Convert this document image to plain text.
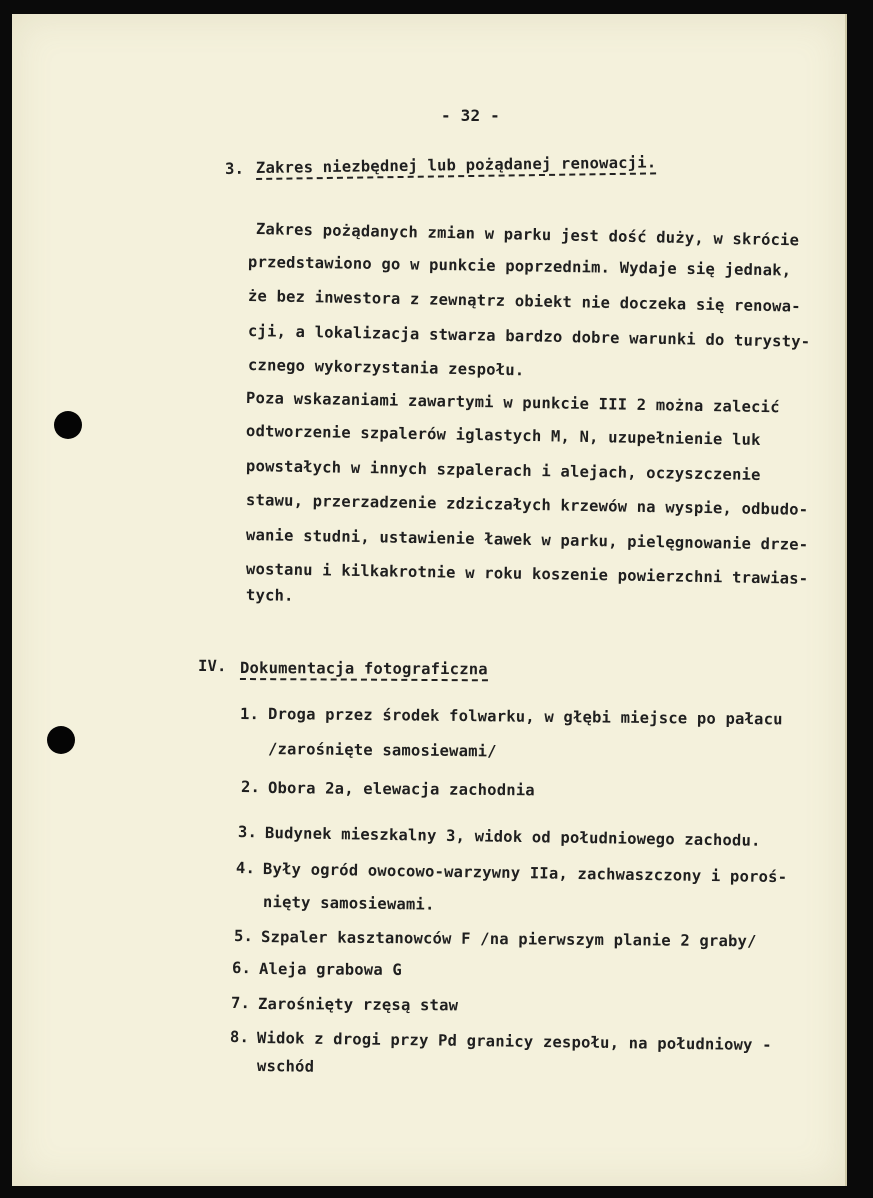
- 32 -
3. Zakres niezbędnej lub pożądanej renowacji.
Zakres pożądanych zmian w parku jest dość duży, w skrócie
przedstawiono go w punkcie poprzednim. Wydaje się jednak,
że bez inwestora z zewnątrz obiekt nie doczeka się renowa-
cji, a lokalizacja stwarza bardzo dobre warunki do turysty-
cznego wykorzystania zespołu.
Poza wskazaniami zawartymi w punkcie III 2 można zalecić
odtworzenie szpalerów iglastych M, N, uzupełnienie luk
powstałych w innych szpalerach i alejach, oczyszczenie
stawu, przerzadzenie zdziczałych krzewów na wyspie, odbudo-
wanie studni, ustawienie ławek w parku, pielęgnowanie drze-
wostanu i kilkakrotnie w roku koszenie powierzchni trawias-
tych.
IV. Dokumentacja fotograficzna
1. Droga przez środek folwarku, w głębi miejsce po pałacu
/zarośnięte samosiewami/
2. Obora 2a, elewacja zachodnia
3. Budynek mieszkalny 3, widok od południowego zachodu.
4. Były ogród owocowo-warzywny IIa, zachwaszczony i poroś-
nięty samosiewami.
5. Szpaler kasztanowców F /na pierwszym planie 2 graby/
6. Aleja grabowa G
7. Zarośnięty rzęsą staw
8. Widok z drogi przy Pd granicy zespołu, na południowy -
wschód
